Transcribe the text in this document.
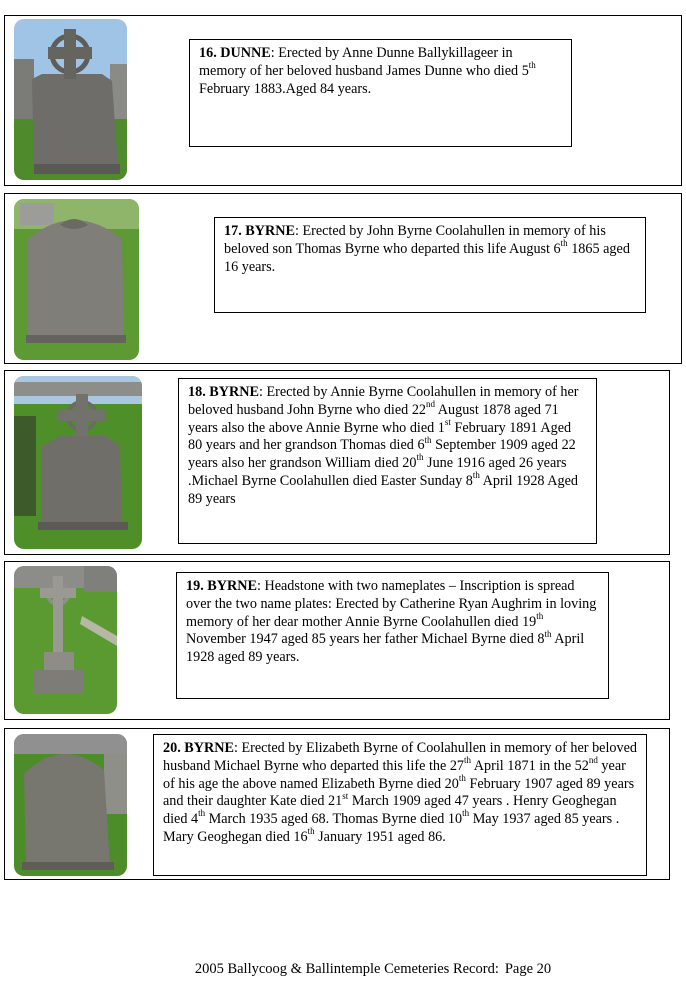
16. DUNNE: Erected by Anne Dunne Ballykillageer in memory of her beloved husband James Dunne who died 5th February 1883.Aged 84 years.
17. BYRNE: Erected by John Byrne Coolahullen in memory of his beloved son Thomas Byrne who departed this life August 6th 1865 aged 16 years.
18. BYRNE: Erected by Annie Byrne Coolahullen in memory of her beloved husband John Byrne who died 22nd August 1878 aged 71 years also the above Annie Byrne who died 1st February 1891 Aged 80 years and her grandson Thomas died 6th September 1909 aged 22 years also her grandson William died 20th June 1916 aged 26 years .Michael Byrne Coolahullen died Easter Sunday 8th April 1928 Aged 89 years
19. BYRNE: Headstone with two nameplates – Inscription is spread over the two name plates: Erected by Catherine Ryan Aughrim in loving memory of her dear mother Annie Byrne Coolahullen died 19th November 1947 aged 85 years her father Michael Byrne died 8th April 1928 aged 89 years.
20. BYRNE: Erected by Elizabeth Byrne of Coolahullen in memory of her beloved husband Michael Byrne who departed this life the 27th April 1871 in the 52nd year of his age the above named Elizabeth Byrne died 20th February 1907 aged 89 years and their daughter Kate died 21st March 1909 aged 47 years . Henry Geoghegan died 4th March 1935 aged 68. Thomas Byrne died 10th May 1937 aged 85 years . Mary Geoghegan died 16th January 1951 aged 86.
2005 Ballycoog & Ballintemple Cemeteries Record: Page 20
